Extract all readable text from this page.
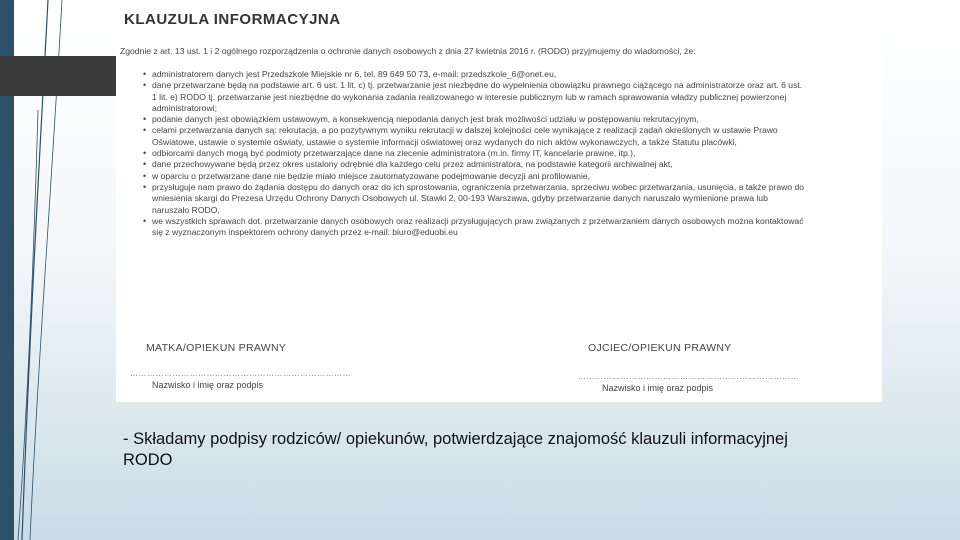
KLAUZULA INFORMACYJNA
Zgodnie z art. 13 ust. 1 i 2 ogólnego rozporządzenia o ochronie danych osobowych z dnia 27 kwietnia 2016 r. (RODO) przyjmujemy do wiadomości, że:
• administratorem danych jest Przedszkole Miejskie nr 6, tel. 89 649 50 73, e-mail: przedszkole_6@onet.eu,
• dane przetwarzane będą na podstawie art. 6 ust. 1 lit. c) tj. przetwarzanie jest niezbędne do wypełnienia obowiązku prawnego ciążącego na administratorze oraz art. 6 ust. 1 lit. e) RODO tj. przetwarzanie jest niezbędne do wykonania zadania realizowanego w interesie publicznym lub w ramach sprawowania władzy publicznej powierzonej administratorowi;
• podanie danych jest obowiązkiem ustawowym, a konsekwencją niepodania danych jest brak możliwości udziału w postępowaniu rekrutacyjnym,
• celami przetwarzania danych są: rekrutacja, a po pozytywnym wyniku rekrutacji w dalszej kolejności cele wynikające z realizacji zadań określonych w ustawie Prawo Oświatowe, ustawie o systemie oświaty, ustawie o systemie informacji oświatowej oraz wydanych do nich aktów wykonawczych, a także Statutu placówki,
• odbiorcami danych mogą być podmioty przetwarzające dane na zlecenie administratora (m.in. firmy IT, kancelarie prawne, itp.),
• dane przechowywane będą przez okres ustalony odrębnie dla każdego celu przez administratora, na podstawie kategorii archiwalnej akt,
• w oparciu o przetwarzane dane nie będzie miało miejsce zautomatyzowane podejmowanie decyzji ani profilowanie,
• przysługuje nam prawo do żądania dostępu do danych oraz do ich sprostowania, ograniczenia przetwarzania, sprzeciwu wobec przetwarzania, usunięcia, a także prawo do wniesienia skargi do Prezesa Urzędu Ochrony Danych Osobowych ul. Stawki 2, 00-193 Warszawa, gdyby przetwarzanie danych naruszało wymienione prawa lub naruszało RODO,
• we wszystkich sprawach dot. przetwarzanie danych osobowych oraz realizacji przysługujących praw związanych z przetwarzaniem danych osobowych można kontaktować się z wyznaczonym inspektorem ochrony danych przez e-mail: biuro@eduobi.eu
MATKA/OPIEKUN PRAWNY
……………………………………………………………………
Nazwisko i imię oraz podpis
OJCIEC/OPIEKUN PRAWNY
……………………………………………………………………
Nazwisko i imię oraz podpis
- Składamy podpisy rodziców/ opiekunów, potwierdzające znajomość klauzuli informacyjnej RODO
